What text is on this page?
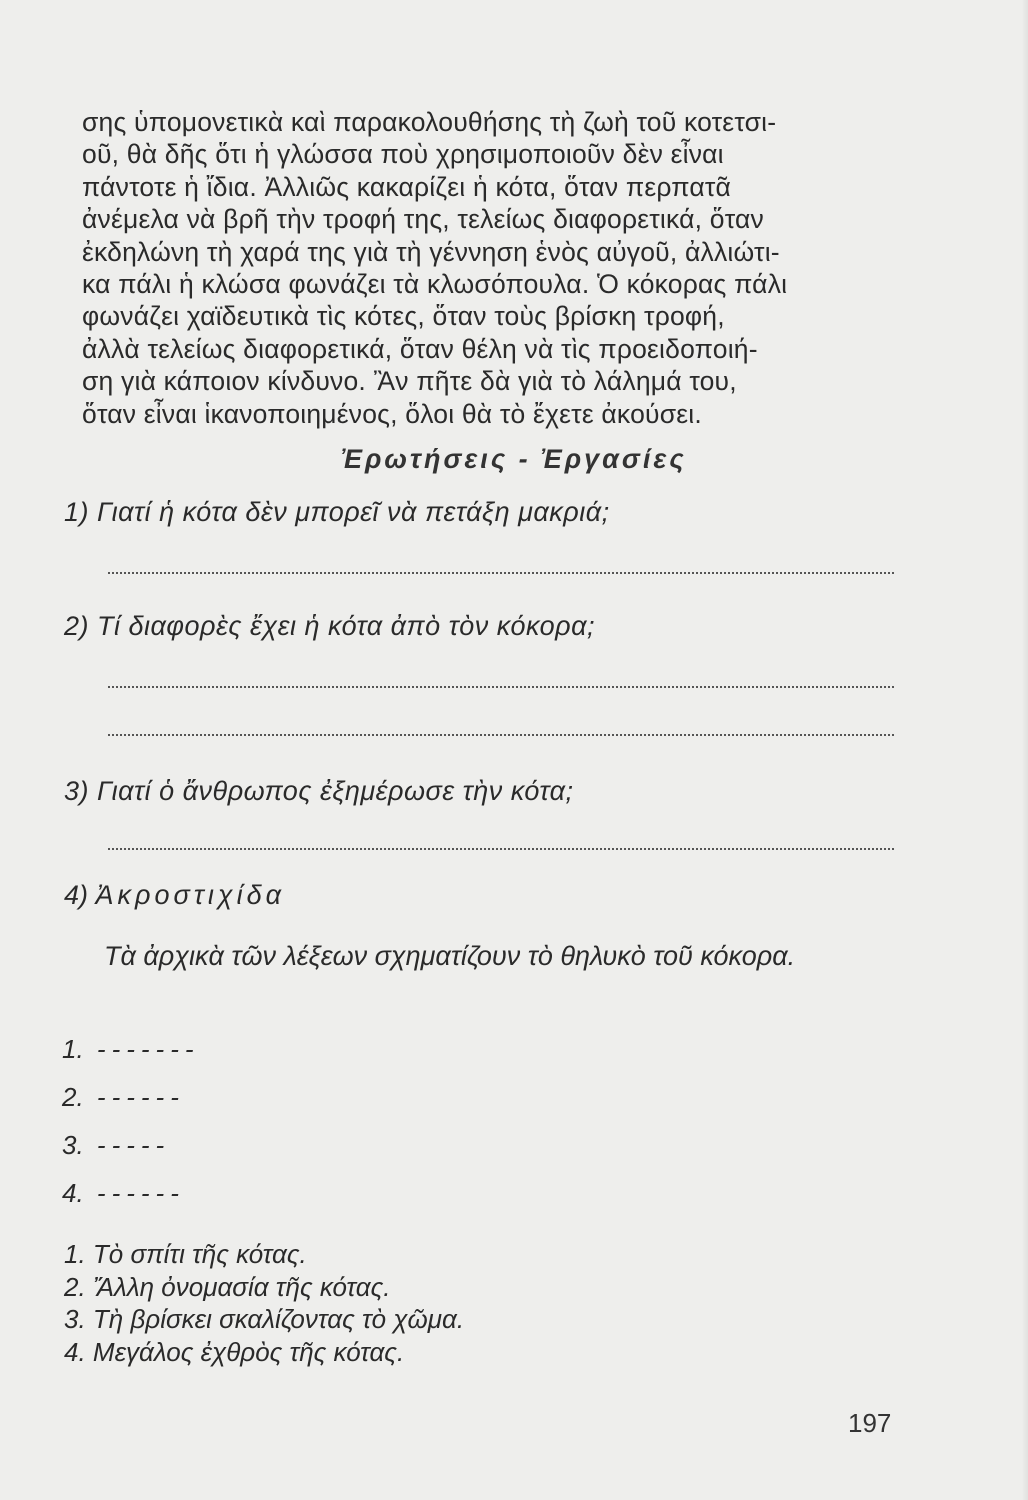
σης ὑπομονετικὰ καὶ παρακολουθήσης τὴ ζωὴ τοῦ κοτετσι-
οῦ, θὰ δῆς ὅτι ἡ γλώσσα ποὺ χρησιμοποιοῦν δὲν εἶναι
πάντοτε ἡ ἴδια. Ἀλλιῶς κακαρίζει ἡ κότα, ὅταν περπατᾶ
ἀνέμελα νὰ βρῆ τὴν τροφή της, τελείως διαφορετικά, ὅταν
ἐκδηλώνη τὴ χαρά της γιὰ τὴ γέννηση ἑνὸς αὐγοῦ, ἀλλιώτι-
κα πάλι ἡ κλώσα φωνάζει τὰ κλωσόπουλα. Ὁ κόκορας πάλι
φωνάζει χαϊδευτικὰ τὶς κότες, ὅταν τοὺς βρίσκη τροφή,
ἀλλὰ τελείως διαφορετικά, ὅταν θέλη νὰ τὶς προειδοποιή-
ση γιὰ κάποιον κίνδυνο. Ἂν πῆτε δὰ γιὰ τὸ λάλημά του,
ὅταν εἶναι ἱκανοποιημένος, ὅλοι θὰ τὸ ἔχετε ἀκούσει.
Ἐρωτήσεις - Ἐργασίες
1) Γιατί ἡ κότα δὲν μπορεῖ νὰ πετάξη μακριά;
2) Τί διαφορὲς ἔχει ἡ κότα ἀπὸ τὸν κόκορα;
3) Γιατί ὁ ἄνθρωπος ἐξημέρωσε τὴν κότα;
4) Ἀκροστιχίδα
Τὰ ἀρχικὰ τῶν λέξεων σχηματίζουν τὸ θηλυκὸ τοῦ κόκορα.
1. -------
2. ------
3. -----
4. ------
1. Τὸ σπίτι τῆς κότας.
2. Ἄλλη ὀνομασία τῆς κότας.
3. Τὴ βρίσκει σκαλίζοντας τὸ χῶμα.
4. Μεγάλος ἐχθρὸς τῆς κότας.
197
